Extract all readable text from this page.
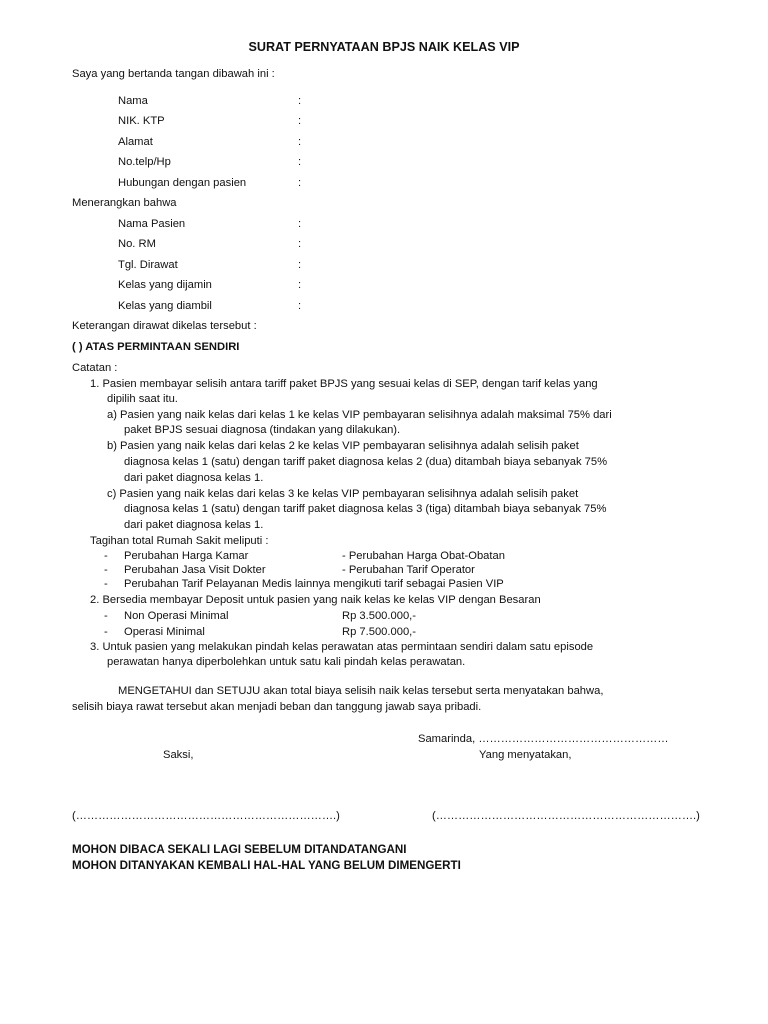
SURAT PERNYATAAN BPJS NAIK KELAS VIP
Saya yang bertanda tangan dibawah ini :
Nama	:
NIK. KTP	:
Alamat	:
No.telp/Hp	:
Hubungan dengan pasien	:
Menerangkan bahwa
Nama Pasien	:
No. RM	:
Tgl. Dirawat	:
Kelas yang dijamin	:
Kelas yang diambil	:
Keterangan dirawat dikelas tersebut :
( ) ATAS PERMINTAAN SENDIRI
Catatan :
1. Pasien membayar selisih antara tariff paket BPJS yang sesuai kelas di SEP, dengan tarif kelas yang
dipilih saat itu.
a) Pasien yang naik kelas dari kelas 1 ke kelas VIP pembayaran selisihnya adalah maksimal 75% dari
paket BPJS sesuai diagnosa (tindakan yang dilakukan).
b) Pasien yang naik kelas dari kelas 2 ke kelas VIP pembayaran selisihnya adalah selisih paket
diagnosa kelas 1 (satu) dengan tariff paket diagnosa kelas 2 (dua) ditambah biaya sebanyak 75%
dari paket diagnosa kelas 1.
c) Pasien yang naik kelas dari kelas 3 ke kelas VIP pembayaran selisihnya adalah selisih paket
diagnosa kelas 1 (satu) dengan tariff paket diagnosa kelas 3 (tiga) ditambah biaya sebanyak 75%
dari paket diagnosa kelas 1.
Tagihan total Rumah Sakit meliputi :
- Perubahan Harga Kamar	- Perubahan Harga Obat-Obatan
- Perubahan Jasa Visit Dokter	- Perubahan Tarif Operator
- Perubahan Tarif Pelayanan Medis lainnya mengikuti tarif sebagai Pasien VIP
2. Bersedia membayar Deposit untuk pasien yang naik kelas ke kelas VIP dengan Besaran
- Non Operasi Minimal	Rp 3.500.000,-
- Operasi Minimal	Rp 7.500.000,-
3. Untuk pasien yang melakukan pindah kelas perawatan atas permintaan sendiri dalam satu episode
perawatan hanya diperbolehkan untuk satu kali pindah kelas perawatan.
MENGETAHUI dan SETUJU akan total biaya selisih naik kelas tersebut serta menyatakan bahwa,
selisih biaya rawat tersebut akan menjadi beban dan tanggung jawab saya pribadi.
Samarinda, ……………………………………………
Saksi,	Yang menyatakan,
(…………………………………………………………….)	(…………………………………………………………….)
MOHON DIBACA SEKALI LAGI SEBELUM DITANDATANGANI
MOHON DITANYAKAN KEMBALI HAL-HAL YANG BELUM DIMENGERTI
